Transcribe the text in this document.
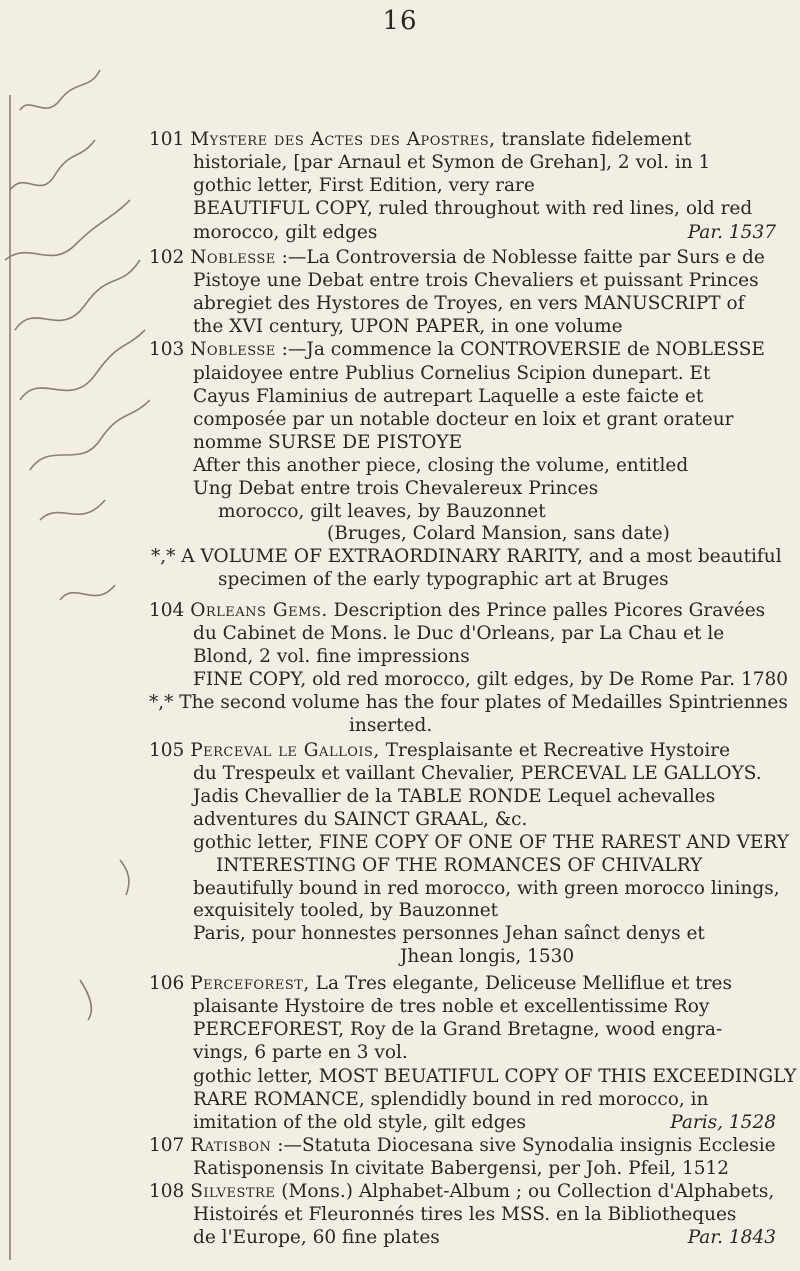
16
101 Mystere des Actes des Apostres, translate fidelement
historiale, [par Arnaul et Symon de Grehan], 2 vol. in 1
gothic letter, First Edition, very rare
BEAUTIFUL COPY, ruled throughout with red lines, old red
morocco, gilt edges	Par. 1537
102 Noblesse :—La Controversia de Noblesse faitte par Surs e de
Pistoye une Debat entre trois Chevaliers et puissant Princes
abregiet des Hystores de Troyes, en vers MANUSCRIPT of
the XVI century, UPON PAPER, in one volume
103 Noblesse :—Ja commence la CONTROVERSIE de NOBLESSE
plaidoyee entre Publius Cornelius Scipion dunepart. Et
Cayus Flaminius de autrepart Laquelle a este faicte et
composée par un notable docteur en loix et grant orateur
nomme SURSE DE PISTOYE
After this another piece, closing the volume, entitled
Ung Debat entre trois Chevalereux Princes
morocco, gilt leaves, by Bauzonnet
(Bruges, Colard Mansion, sans date)
*,* A VOLUME OF EXTRAORDINARY RARITY, and a most beautiful
specimen of the early typographic art at Bruges
104 Orleans Gems. Description des Prince palles Picores Gravées
du Cabinet de Mons. le Duc d'Orleans, par La Chau et le
Blond, 2 vol. fine impressions
FINE COPY, old red morocco, gilt edges, by De Rome Par. 1780
*,* The second volume has the four plates of Medailles Spintriennes
inserted.
105 Perceval le Gallois, Tresplaisante et Recreative Hystoire
du Trespeulx et vaillant Chevalier, PERCEVAL LE GALLOYS.
Jadis Chevallier de la TABLE RONDE Lequel achevalles
adventures du SAINCT GRAAL, &c.
gothic letter, FINE COPY OF ONE OF THE RAREST AND VERY
INTERESTING OF THE ROMANCES OF CHIVALRY
beautifully bound in red morocco, with green morocco linings,
exquisitely tooled, by Bauzonnet
Paris, pour honnestes personnes Jehan saînct denys et
Jhean longis, 1530
106 Perceforest, La Tres elegante, Deliceuse Melliflue et tres
plaisante Hystoire de tres noble et excellentissime Roy
PERCEFOREST, Roy de la Grand Bretagne, wood engra-
vings, 6 parte en 3 vol.
gothic letter, MOST BEUATIFUL COPY OF THIS EXCEEDINGLY
RARE ROMANCE, splendidly bound in red morocco, in
imitation of the old style, gilt edges	Paris, 1528
107 Ratisbon :—Statuta Diocesana sive Synodalia insignis Ecclesie
Ratisponensis In civitate Babergensi, per Joh. Pfeil, 1512
108 Silvestre (Mons.) Alphabet-Album ; ou Collection d'Alphabets,
Histoirés et Fleuronnés tires les MSS. en la Bibliotheques
de l'Europe, 60 fine plates	Par. 1843
